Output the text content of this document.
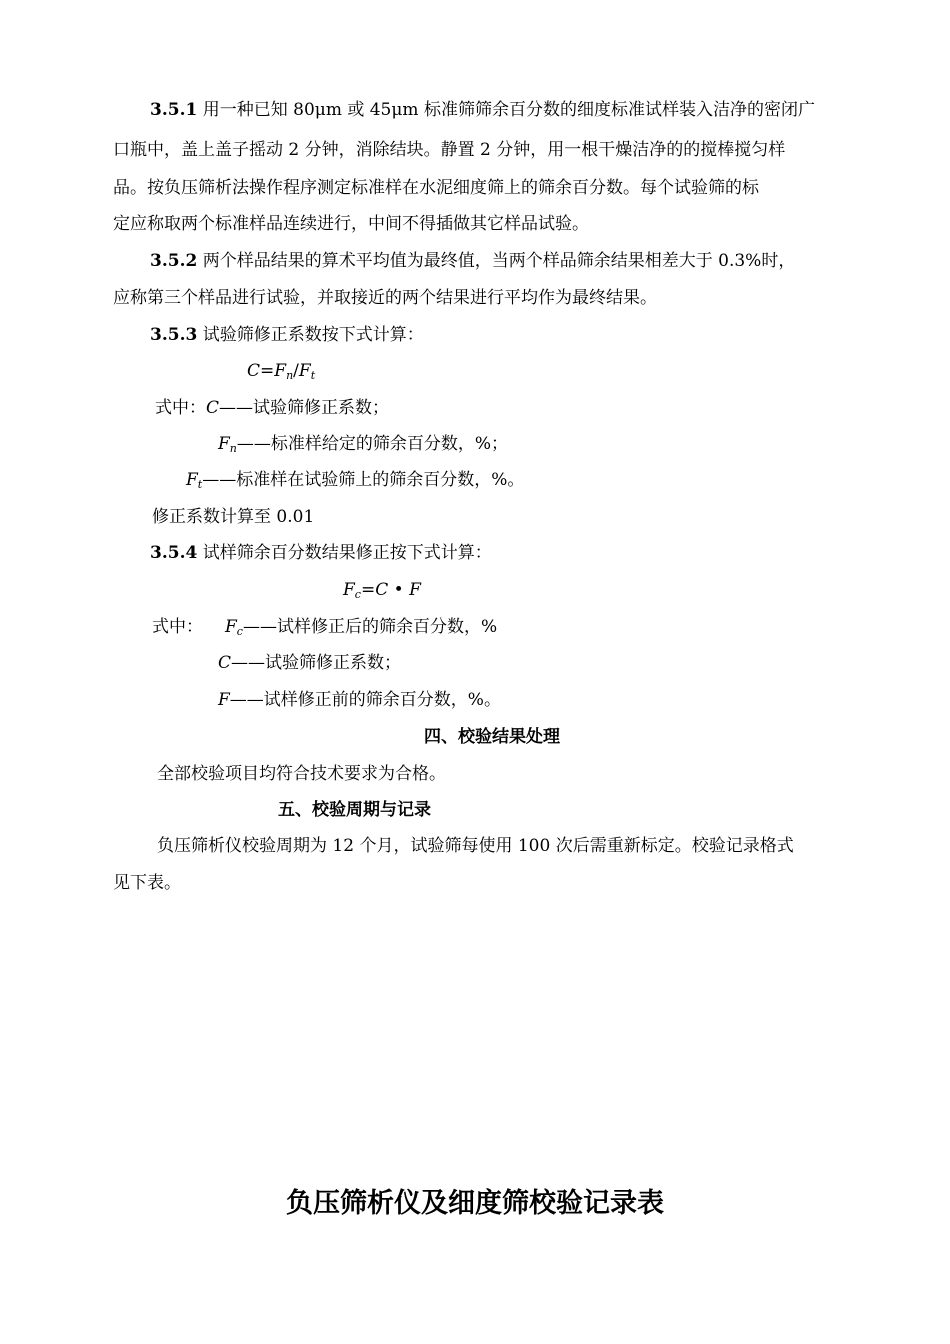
3.5.1 用一种已知 80μm 或 45μm 标准筛筛余百分数的细度标准试样装入洁净的密闭广
口瓶中，盖上盖子摇动 2 分钟，消除结块。静置 2 分钟，用一根干燥洁净的的搅棒搅匀样
品。按负压筛析法操作程序测定标准样在水泥细度筛上的筛余百分数。每个试验筛的标
定应称取两个标准样品连续进行，中间不得插做其它样品试验。
3.5.2 两个样品结果的算术平均值为最终值，当两个样品筛余结果相差大于 0.3%时，
应称第三个样品进行试验，并取接近的两个结果进行平均作为最终结果。
3.5.3 试验筛修正系数按下式计算：
$C=F_n/F_t$
式中：C——试验筛修正系数；
$F_n——$标准样给定的筛余百分数，%；
$F_t——$标准样在试验筛上的筛余百分数，%。
修正系数计算至 0.01
3.5.4 试样筛余百分数结果修正按下式计算：
$F_c=C$ • F
式中： $F_c——$试样修正后的筛余百分数，%
C——试验筛修正系数；
F——试样修正前的筛余百分数，%。
四、校验结果处理
全部校验项目均符合技术要求为合格。
五、校验周期与记录
负压筛析仪校验周期为 12 个月，试验筛每使用 100 次后需重新标定。校验记录格式
见下表。
负压筛析仪及细度筛校验记录表
